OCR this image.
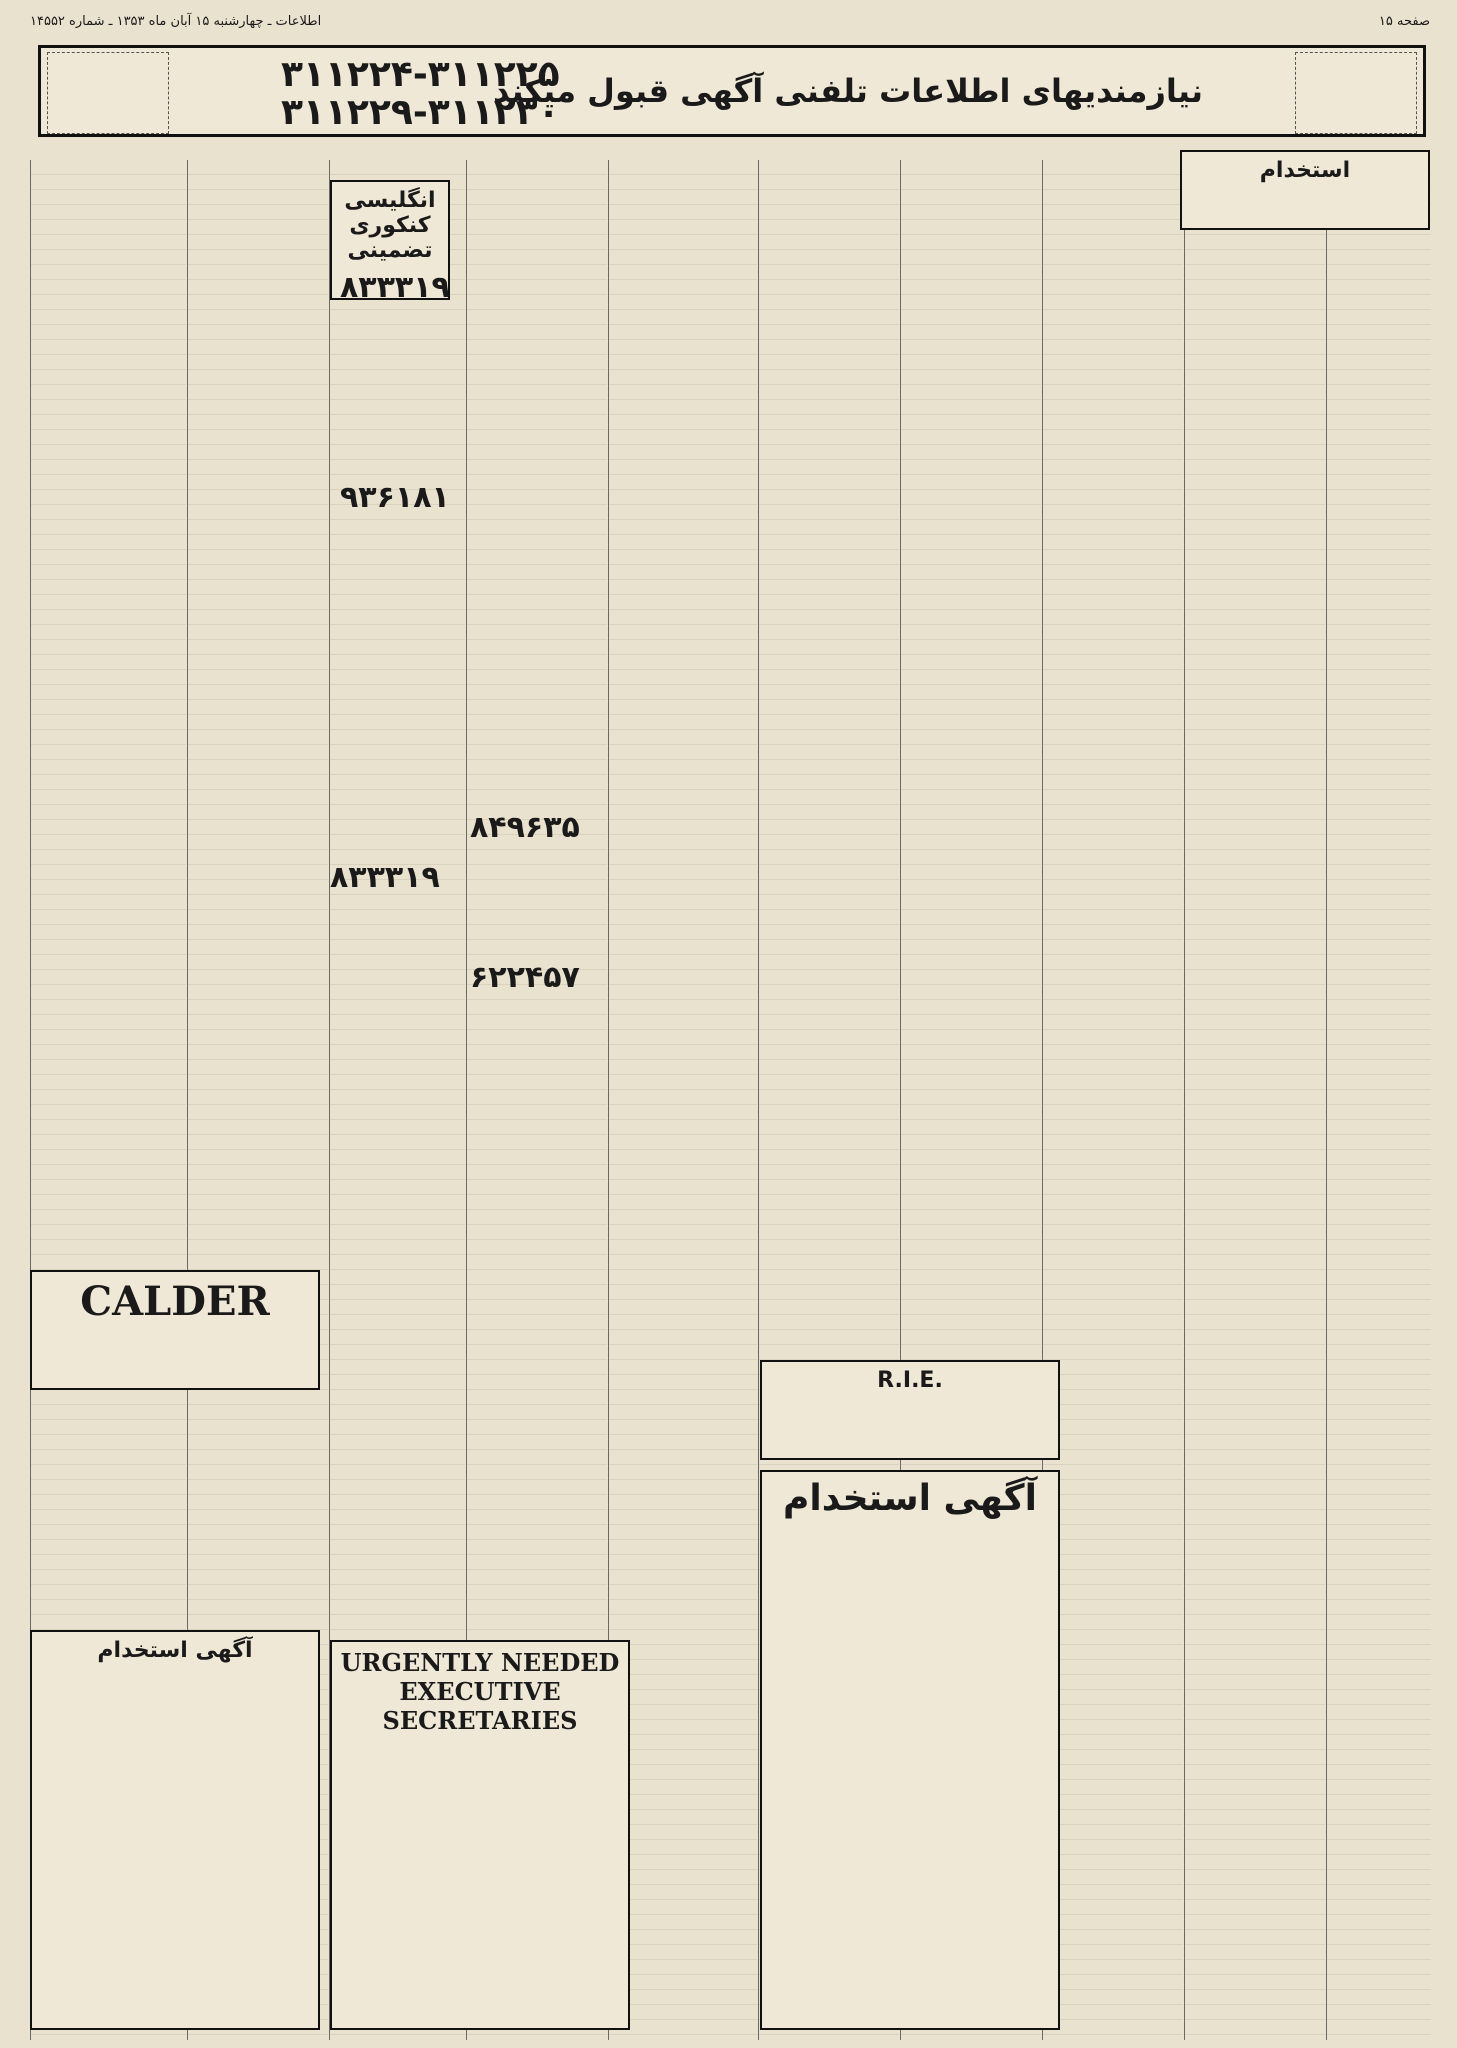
صفحه ۱۵
اطلاعات ـ چهارشنبه ۱۵ آبان ماه ۱۳۵۳ ـ شماره ۱۴۵۵۲
نیازمندیهای اطلاعات تلفنی آگهی قبول میکند
۳۱۱۲۲۴-۳۱۱۲۲۵
۳۱۱۲۲۹-۳۱۱۲۳۰
انگلیسی کنکوری تضمینی
۸۳۳۳۱۹
۹۳۶۱۸۱
۸۴۹۶۳۵
۶۲۲۴۵۷
۸۳۳۳۱۹
استخدام
CALDER
آگهی استخدام	URGENTLY NEEDED EXECUTIVE SECRETARIES
آگهی استخدام
R.I.E.
